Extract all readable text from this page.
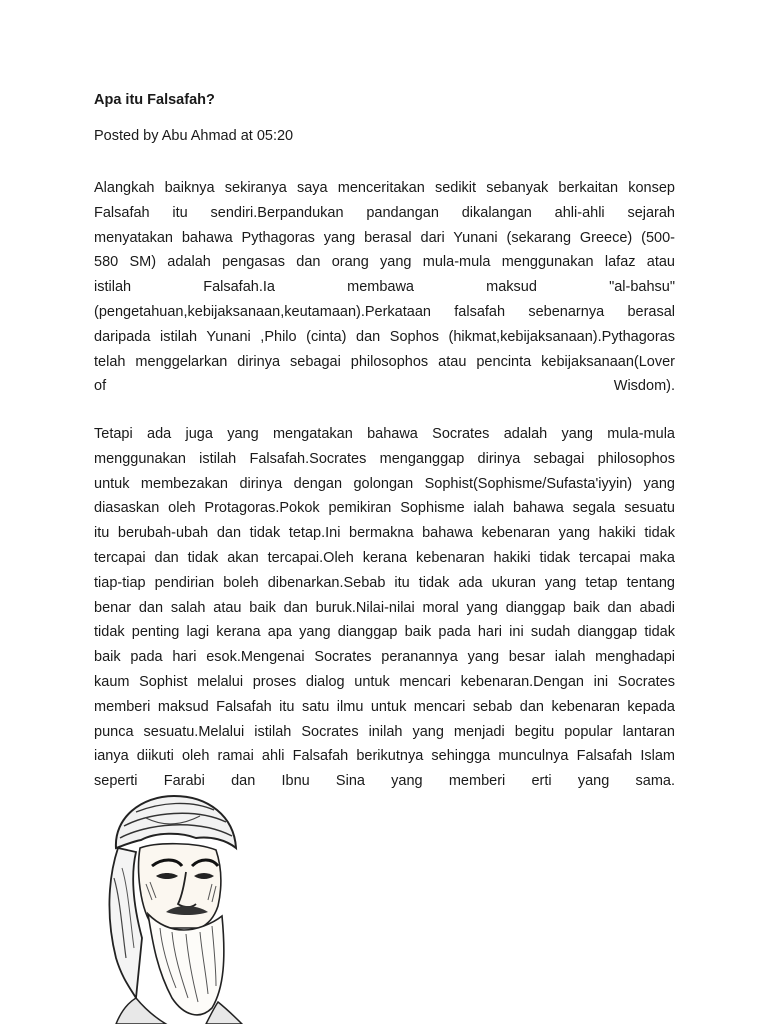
Apa itu Falsafah?

Posted by Abu Ahmad at 05:20

Alangkah baiknya sekiranya saya menceritakan sedikit sebanyak berkaitan konsep
Falsafah itu sendiri.Berpandukan pandangan dikalangan ahli-ahli sejarah
menyatakan bahawa Pythagoras yang berasal dari Yunani (sekarang Greece) (500-
580 SM) adalah pengasas dan orang yang mula-mula menggunakan lafaz atau
istilah Falsafah.Ia membawa maksud "al-bahsu"
(pengetahuan,kebijaksanaan,keutamaan).Perkataan falsafah sebenarnya berasal
daripada istilah Yunani ,Philo (cinta) dan Sophos (hikmat,kebijaksanaan).Pythagoras
telah menggelarkan dirinya sebagai philosophos atau pencinta kebijaksanaan(Lover
of Wisdom).

Tetapi ada juga yang mengatakan bahawa Socrates adalah yang mula-mula
menggunakan istilah Falsafah.Socrates menganggap dirinya sebagai philosophos
untuk membezakan dirinya dengan golongan Sophist(Sophisme/Sufasta'iyyin) yang
diasaskan oleh Protagoras.Pokok pemikiran Sophisme ialah bahawa segala sesuatu
itu berubah-ubah dan tidak tetap.Ini bermakna bahawa kebenaran yang hakiki tidak
tercapai dan tidak akan tercapai.Oleh kerana kebenaran hakiki tidak tercapai maka
tiap-tiap pendirian boleh dibenarkan.Sebab itu tidak ada ukuran yang tetap tentang
benar dan salah atau baik dan buruk.Nilai-nilai moral yang dianggap baik dan abadi
tidak penting lagi kerana apa yang dianggap baik pada hari ini sudah dianggap tidak
baik pada hari esok.Mengenai Socrates peranannya yang besar ialah menghadapi
kaum Sophist melalui proses dialog untuk mencari kebenaran.Dengan ini Socrates
memberi maksud Falsafah itu satu ilmu untuk mencari sebab dan kebenaran kepada
punca sesuatu.Melalui istilah Socrates inilah yang menjadi begitu popular lantaran
ianya diikuti oleh ramai ahli Falsafah berikutnya sehingga munculnya Falsafah Islam
seperti Farabi dan Ibnu Sina yang memberi erti yang sama.
